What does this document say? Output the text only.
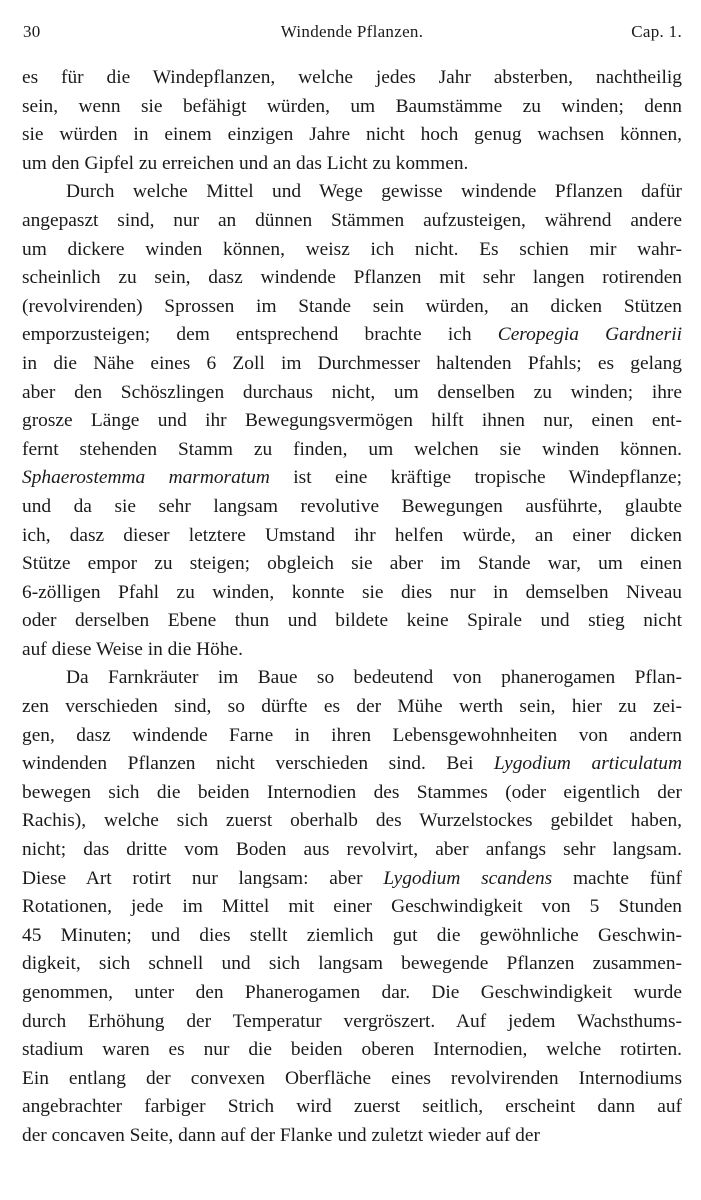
30	Windende Pflanzen.	Cap. 1.
es für die Windepflanzen, welche jedes Jahr absterben, nachtheilig
sein, wenn sie befähigt würden, um Baumstämme zu winden; denn
sie würden in einem einzigen Jahre nicht hoch genug wachsen können,
um den Gipfel zu erreichen und an das Licht zu kommen.
Durch welche Mittel und Wege gewisse windende Pflanzen dafür
angepaszt sind, nur an dünnen Stämmen aufzusteigen, während andere
um dickere winden können, weisz ich nicht. Es schien mir wahr-
scheinlich zu sein, dasz windende Pflanzen mit sehr langen rotirenden
(revolvirenden) Sprossen im Stande sein würden, an dicken Stützen
emporzusteigen; dem entsprechend brachte ich Ceropegia Gardnerii
in die Nähe eines 6 Zoll im Durchmesser haltenden Pfahls; es gelang
aber den Schöszlingen durchaus nicht, um denselben zu winden; ihre
grosze Länge und ihr Bewegungsvermögen hilft ihnen nur, einen ent-
fernt stehenden Stamm zu finden, um welchen sie winden können.
Sphaerostemma marmoratum ist eine kräftige tropische Windepflanze;
und da sie sehr langsam revolutive Bewegungen ausführte, glaubte
ich, dasz dieser letztere Umstand ihr helfen würde, an einer dicken
Stütze empor zu steigen; obgleich sie aber im Stande war, um einen
6-zölligen Pfahl zu winden, konnte sie dies nur in demselben Niveau
oder derselben Ebene thun und bildete keine Spirale und stieg nicht
auf diese Weise in die Höhe.
Da Farnkräuter im Baue so bedeutend von phanerogamen Pflan-
zen verschieden sind, so dürfte es der Mühe werth sein, hier zu zei-
gen, dasz windende Farne in ihren Lebensgewohnheiten von andern
windenden Pflanzen nicht verschieden sind. Bei Lygodium articulatum
bewegen sich die beiden Internodien des Stammes (oder eigentlich der
Rachis), welche sich zuerst oberhalb des Wurzelstockes gebildet haben,
nicht; das dritte vom Boden aus revolvirt, aber anfangs sehr langsam.
Diese Art rotirt nur langsam: aber Lygodium scandens machte fünf
Rotationen, jede im Mittel mit einer Geschwindigkeit von 5 Stunden
45 Minuten; und dies stellt ziemlich gut die gewöhnliche Geschwin-
digkeit, sich schnell und sich langsam bewegende Pflanzen zusammen-
genommen, unter den Phanerogamen dar. Die Geschwindigkeit wurde
durch Erhöhung der Temperatur vergröszert. Auf jedem Wachsthums-
stadium waren es nur die beiden oberen Internodien, welche rotirten.
Ein entlang der convexen Oberfläche eines revolvirenden Internodiums
angebrachter farbiger Strich wird zuerst seitlich, erscheint dann auf
der concaven Seite, dann auf der Flanke und zuletzt wieder auf der
